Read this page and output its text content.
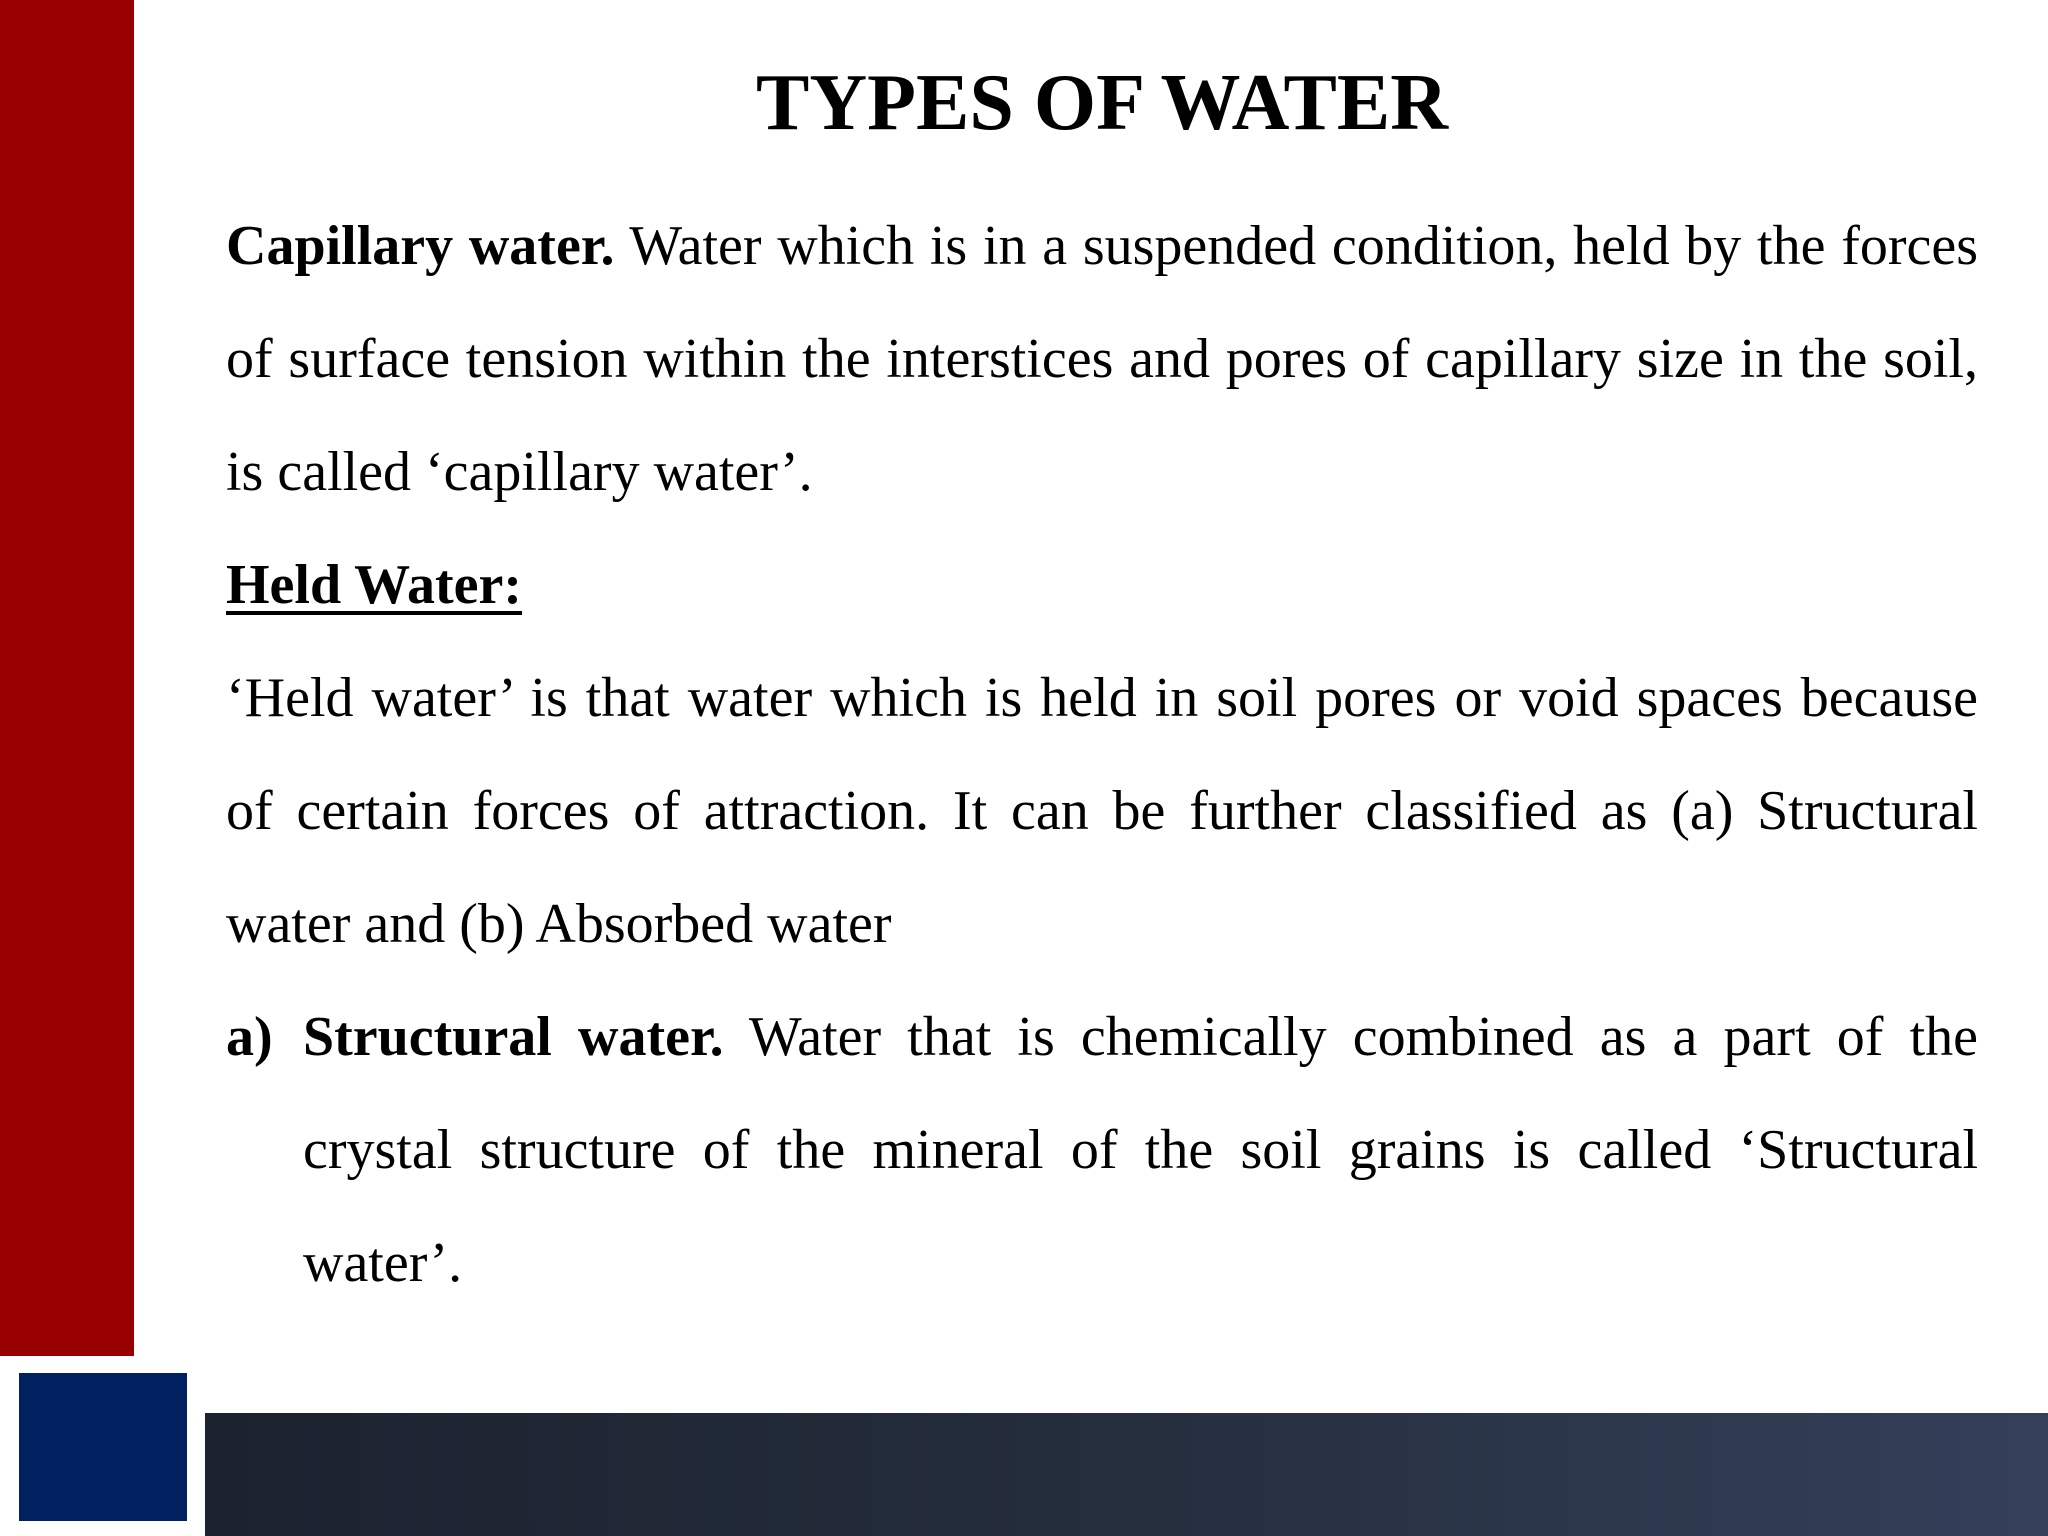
TYPES OF WATER

Capillary water. Water which is in a suspended condition, held by the forces of surface tension within the interstices and pores of capillary size in the soil, is called ‘capillary water’.

Held Water:

‘Held water’ is that water which is held in soil pores or void spaces because of certain forces of attraction. It can be further classified as (a) Structural water and (b) Absorbed water

a) Structural water. Water that is chemically combined as a part of the crystal structure of the mineral of the soil grains is called ‘Structural water’.
